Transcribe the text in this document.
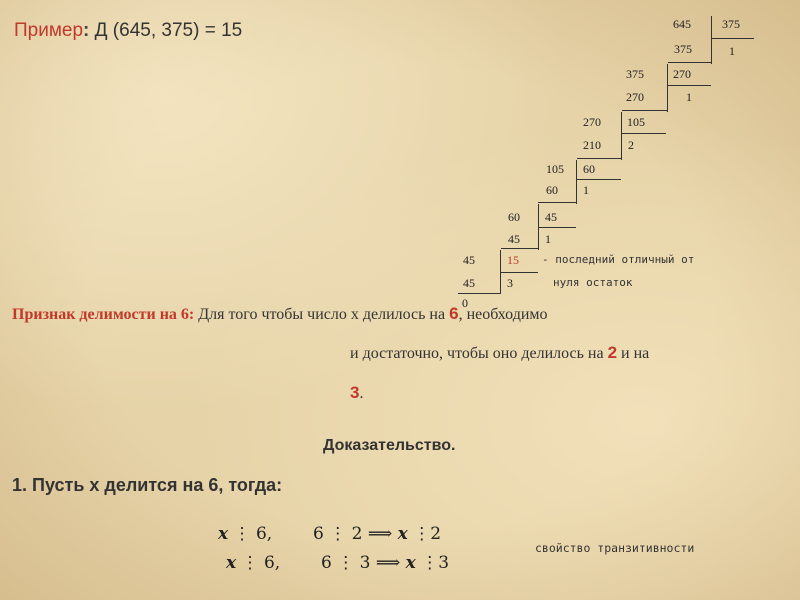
Пример: Д (645, 375) = 15	645
375
375
1
375
270
270
1
270
210
105
2
105
60
60
1
60
45
45
1
45
45
15
3
0
- последний отличный от
нуля остаток
Признак делимости на 6: Для того чтобы число х делилось на 6, необходимо
и достаточно, чтобы оно делилось на 2 и на
3.
Доказательство.
1. Пусть х делится на 6, тогда:
x ⋮ 6, 6 ⋮ 2 ⟹ x ⋮2
x ⋮ 6, 6 ⋮ 3 ⟹ x ⋮3
свойство транзитивности
